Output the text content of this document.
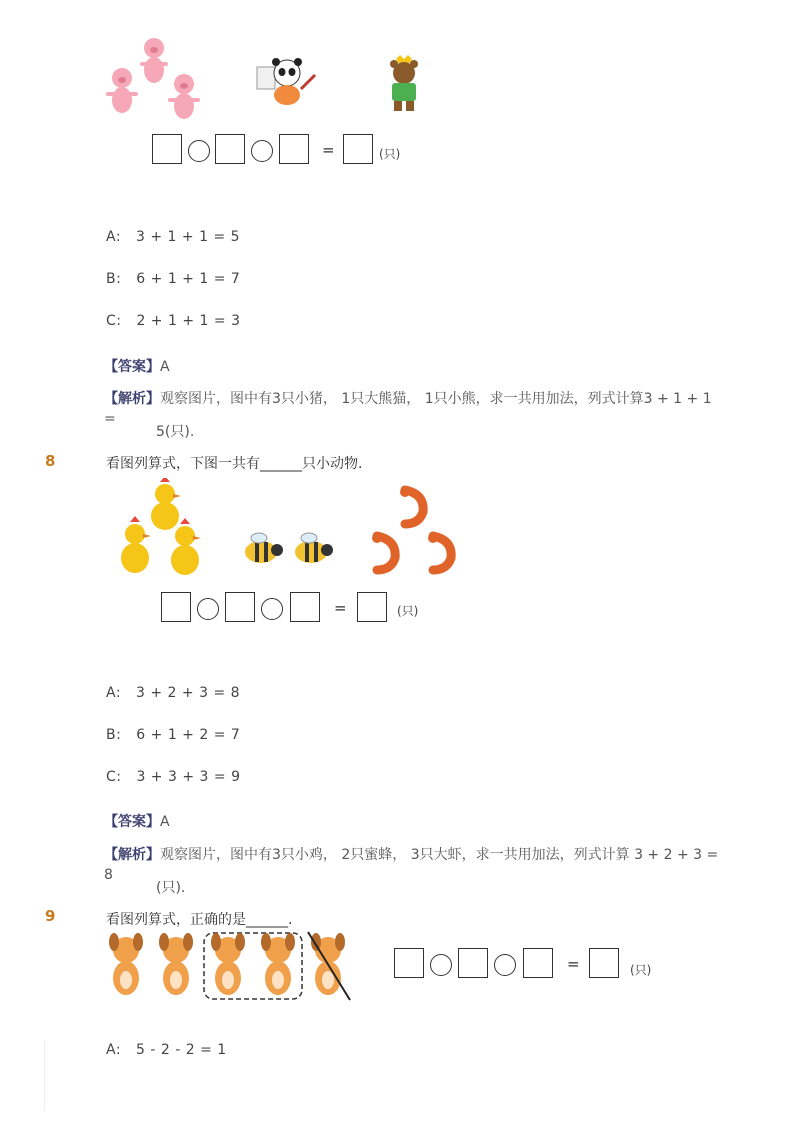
=	(只)
A: 3 + 1 + 1 = 5
B: 6 + 1 + 1 = 7
C: 2 + 1 + 1 = 3
【答案】A
【解析】观察图片，图中有3只小猪， 1只大熊猫， 1只小熊，求一共用加法，列式计算3 + 1 + 1 =
5(只).
8	看图列算式，下图一共有______只小动物.
=	(只)
A: 3 + 2 + 3 = 8
B: 6 + 1 + 2 = 7
C: 3 + 3 + 3 = 9
【答案】A
【解析】观察图片，图中有3只小鸡， 2只蜜蜂， 3只大虾，求一共用加法，列式计算 3 + 2 + 3 = 8
(只).
9	看图列算式，正确的是______.
=	(只)
A: 5 - 2 - 2 = 1
